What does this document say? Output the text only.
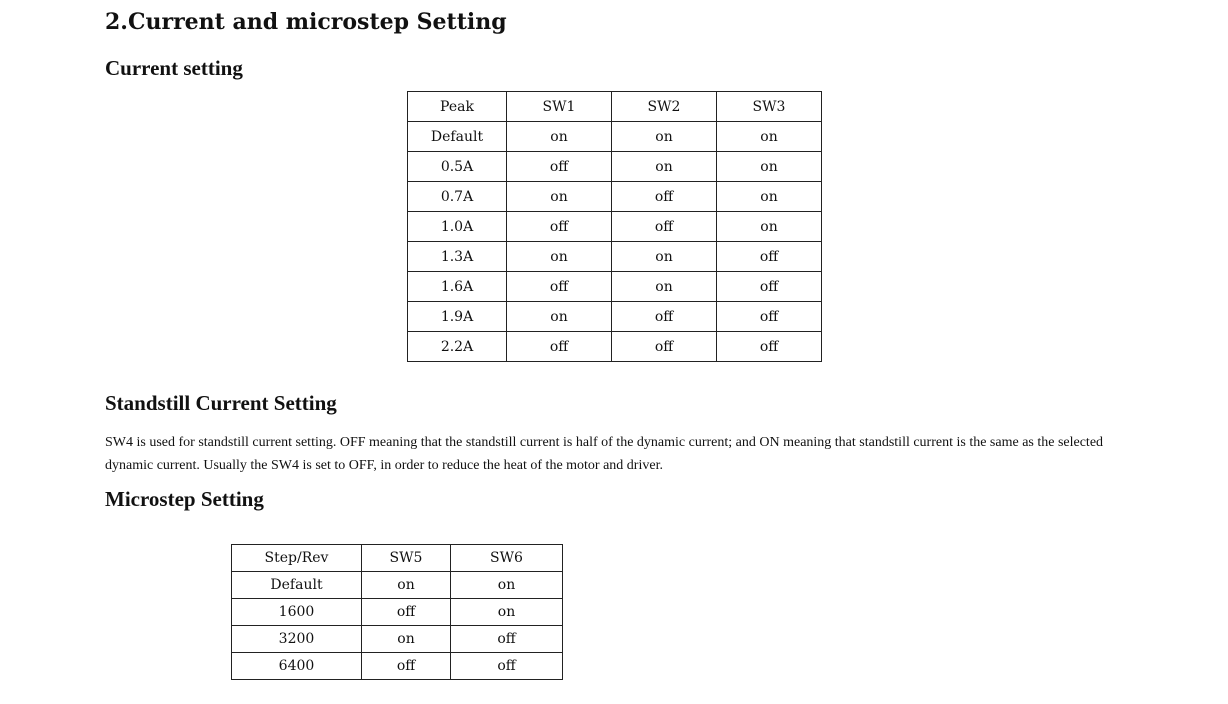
2.Current and microstep Setting
Current setting
Peak	SW1	SW2	SW3
Default	on	on	on
0.5A	off	on	on
0.7A	on	off	on
1.0A	off	off	on
1.3A	on	on	off
1.6A	off	on	off
1.9A	on	off	off
2.2A	off	off	off
Standstill Current Setting

SW4 is used for standstill current setting. OFF meaning that the standstill current is half of the dynamic current; and ON meaning that standstill current is the same as the selected dynamic current. Usually the SW4 is set to OFF, in order to reduce the heat of the motor and driver.

Microstep Setting
Step/Rev	SW5	SW6
Default	on	on
1600	off	on
3200	on	off
6400	off	off
